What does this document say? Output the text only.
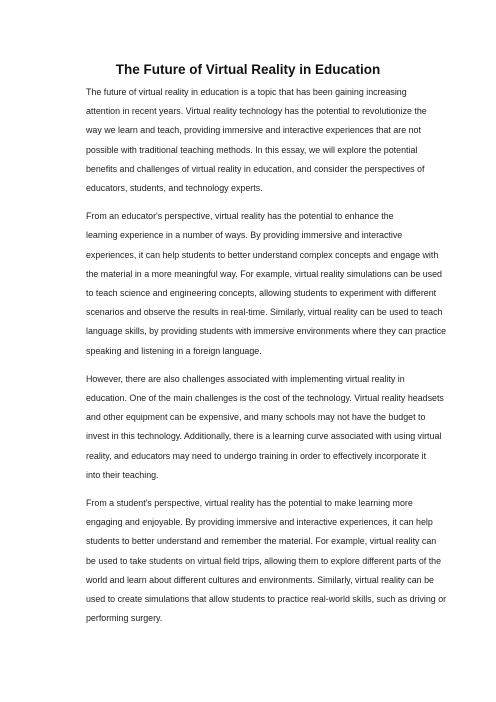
The Future of Virtual Reality in Education

The future of virtual reality in education is a topic that has been gaining increasing
attention in recent years. Virtual reality technology has the potential to revolutionize the
way we learn and teach, providing immersive and interactive experiences that are not
possible with traditional teaching methods. In this essay, we will explore the potential
benefits and challenges of virtual reality in education, and consider the perspectives of
educators, students, and technology experts.

From an educator's perspective, virtual reality has the potential to enhance the
learning experience in a number of ways. By providing immersive and interactive
experiences, it can help students to better understand complex concepts and engage with
the material in a more meaningful way. For example, virtual reality simulations can be used
to teach science and engineering concepts, allowing students to experiment with different
scenarios and observe the results in real-time. Similarly, virtual reality can be used to teach
language skills, by providing students with immersive environments where they can practice
speaking and listening in a foreign language.

However, there are also challenges associated with implementing virtual reality in
education. One of the main challenges is the cost of the technology. Virtual reality headsets
and other equipment can be expensive, and many schools may not have the budget to
invest in this technology. Additionally, there is a learning curve associated with using virtual
reality, and educators may need to undergo training in order to effectively incorporate it
into their teaching.

From a student's perspective, virtual reality has the potential to make learning more
engaging and enjoyable. By providing immersive and interactive experiences, it can help
students to better understand and remember the material. For example, virtual reality can
be used to take students on virtual field trips, allowing them to explore different parts of the
world and learn about different cultures and environments. Similarly, virtual reality can be
used to create simulations that allow students to practice real-world skills, such as driving or
performing surgery.
